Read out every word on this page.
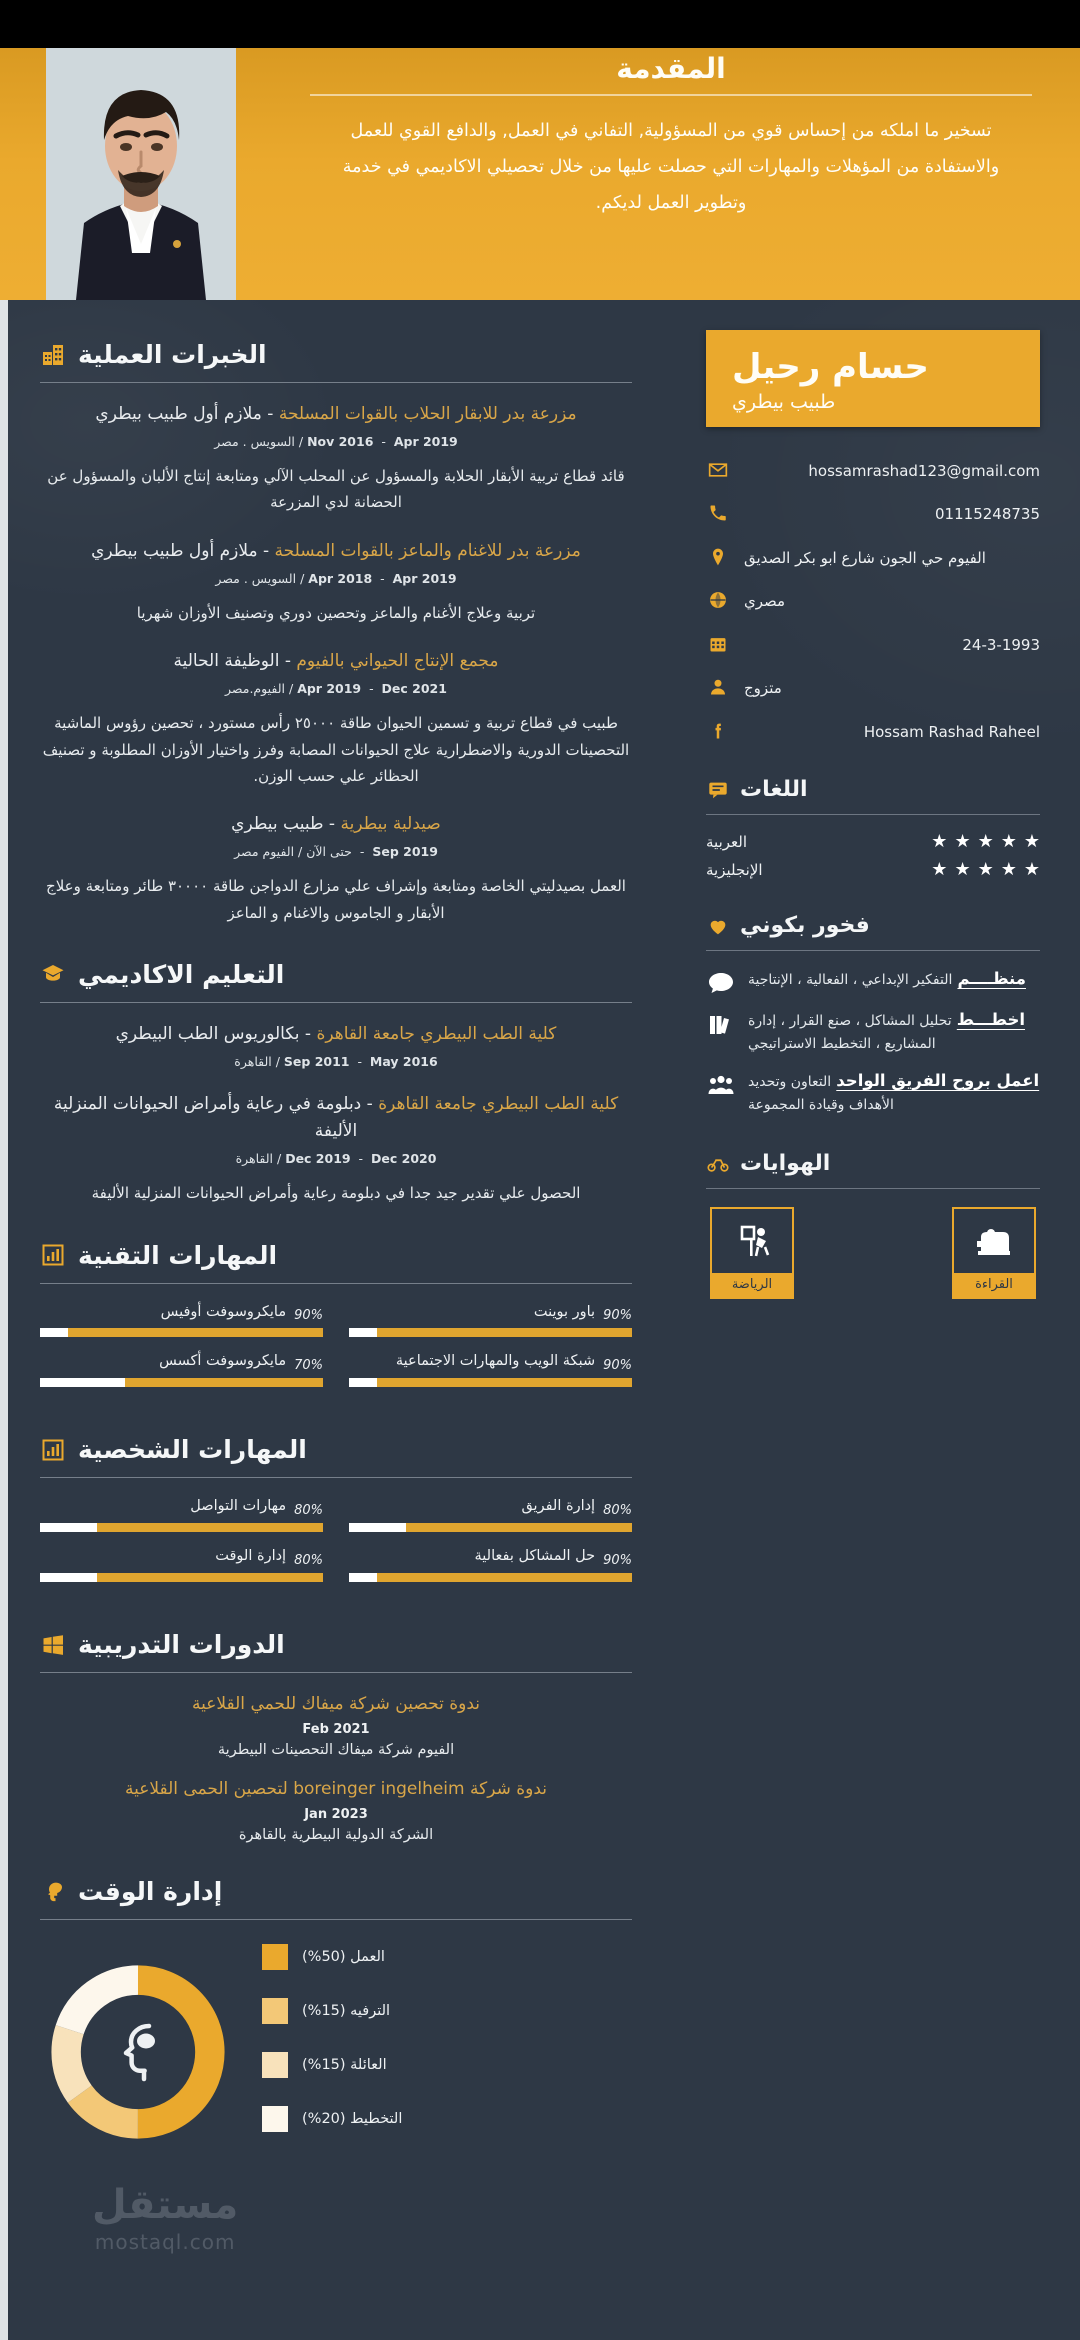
المقدمة
تسخير ما املكه من إحساس قوي من المسؤولية, التفاني في العمل, والدافع القوي للعمل والاستفادة من المؤهلات والمهارات التي حصلت عليها من خلال تحصيلي الاكاديمي في خدمة وتطوير العمل لديكم.
حسام رحيل
طبيب بيطري
hossamrashad123@gmail.com
01115248735
الفيوم حي الجون شارع ابو بكر الصديق
مصري
24-3-1993
متزوج
Hossam Rashad Raheel
اللغات
العربية	★ ★ ★ ★ ★
الإنجليزية	★ ★ ★ ★ ★
فخور بكوني
منظــــم التفكير الإبداعي ، الفعالية ، الإنتاجية
اخطـــط تحليل المشاكل ، صنع القرار ، إدارة المشاريع ، التخطيط الاستراتيجي
اعمل بروح الفريق الواحد التعاون وتحديد الأهداف وقيادة المجموعة
الهوايات
الرياضة	القراءة
الخبرات العملية
مزرعة بدر للابقار الحلاب بالقوات المسلحة - ملازم أول طبيب بيطري
Nov 2016  -  Apr 2019 / السويس . مصر
قائد قطاع تربية الأبقار الحلابة والمسؤول عن المحلب الآلي ومتابعة إنتاج الألبان والمسؤول عن الحضانة لدي المزرعة
مزرعة بدر للاغنام والماعز بالقوات المسلحة - ملازم أول طبيب بيطري
Apr 2018  -  Apr 2019 / السويس . مصر
تربية وعلاج الأغنام والماعز وتحصين دوري وتصنيف الأوزان شهريا
مجمع الإنتاج الحيواني بالفيوم - الوظيفة الحالية
Apr 2019  -  Dec 2021 / الفيوم.مصر
طبيب في قطاع تربية و تسمين الحيوان طاقة ٢٥٠٠٠ رأس مستورد ، تحصين رؤوس الماشية التحصينات الدورية والاضطرارية علاج الحيوانات المصابة وفرز واختيار الأوزان المطلوبة و تصنيف الحظائر علي حسب الوزن.
صيدلية بيطرية - طبيب بيطري
Sep 2019  -  حتى الآن / الفيوم مصر
العمل بصيدليتي الخاصة ومتابعة وإشراف علي مزارع الدواجن طاقة ٣٠٠٠٠ طائر ومتابعة وعلاج الأبقار و الجاموس والاغنام و الماعز
التعليم الاكاديمي
كلية الطب البيطري جامعة القاهرة - بكالوريوس الطب البيطري
Sep 2011  -  May 2016 / القاهرة
كلية الطب البيطري جامعة القاهرة - دبلومة في رعاية وأمراض الحيوانات المنزلية الأليفة
Dec 2019  -  Dec 2020 / القاهرة
الحصول علي تقدير جيد جدا في دبلومة رعاية وأمراض الحيوانات المنزلية الأليفة
المهارات التقنية
مايكروسوفت أوفيس 90%
مايكروسوفت أكسس 70%
باور بوينت 90%
شبكة الويب والمهارات الاجتماعية 90%
المهارات الشخصية
مهارات التواصل 80%
إدارة الوقت 80%
إدارة الفريق 80%
حل المشاكل بفعالية 90%
الدورات التدريبية
ندوة تحصين شركة ميفاك للحمي القلاعية
Feb 2021
الفيوم شركة ميفاك التحصينات البيطرية
ندوة شركة boreinger ingelheim لتحصين الحمى القلاعية
Jan 2023
الشركة الدولية البيطرية بالقاهرة
إدارة الوقت
العمل (50%)
الترفيه (15%)
العائلة (15%)
التخطيط (20%)
مستقل
mostaql.com
